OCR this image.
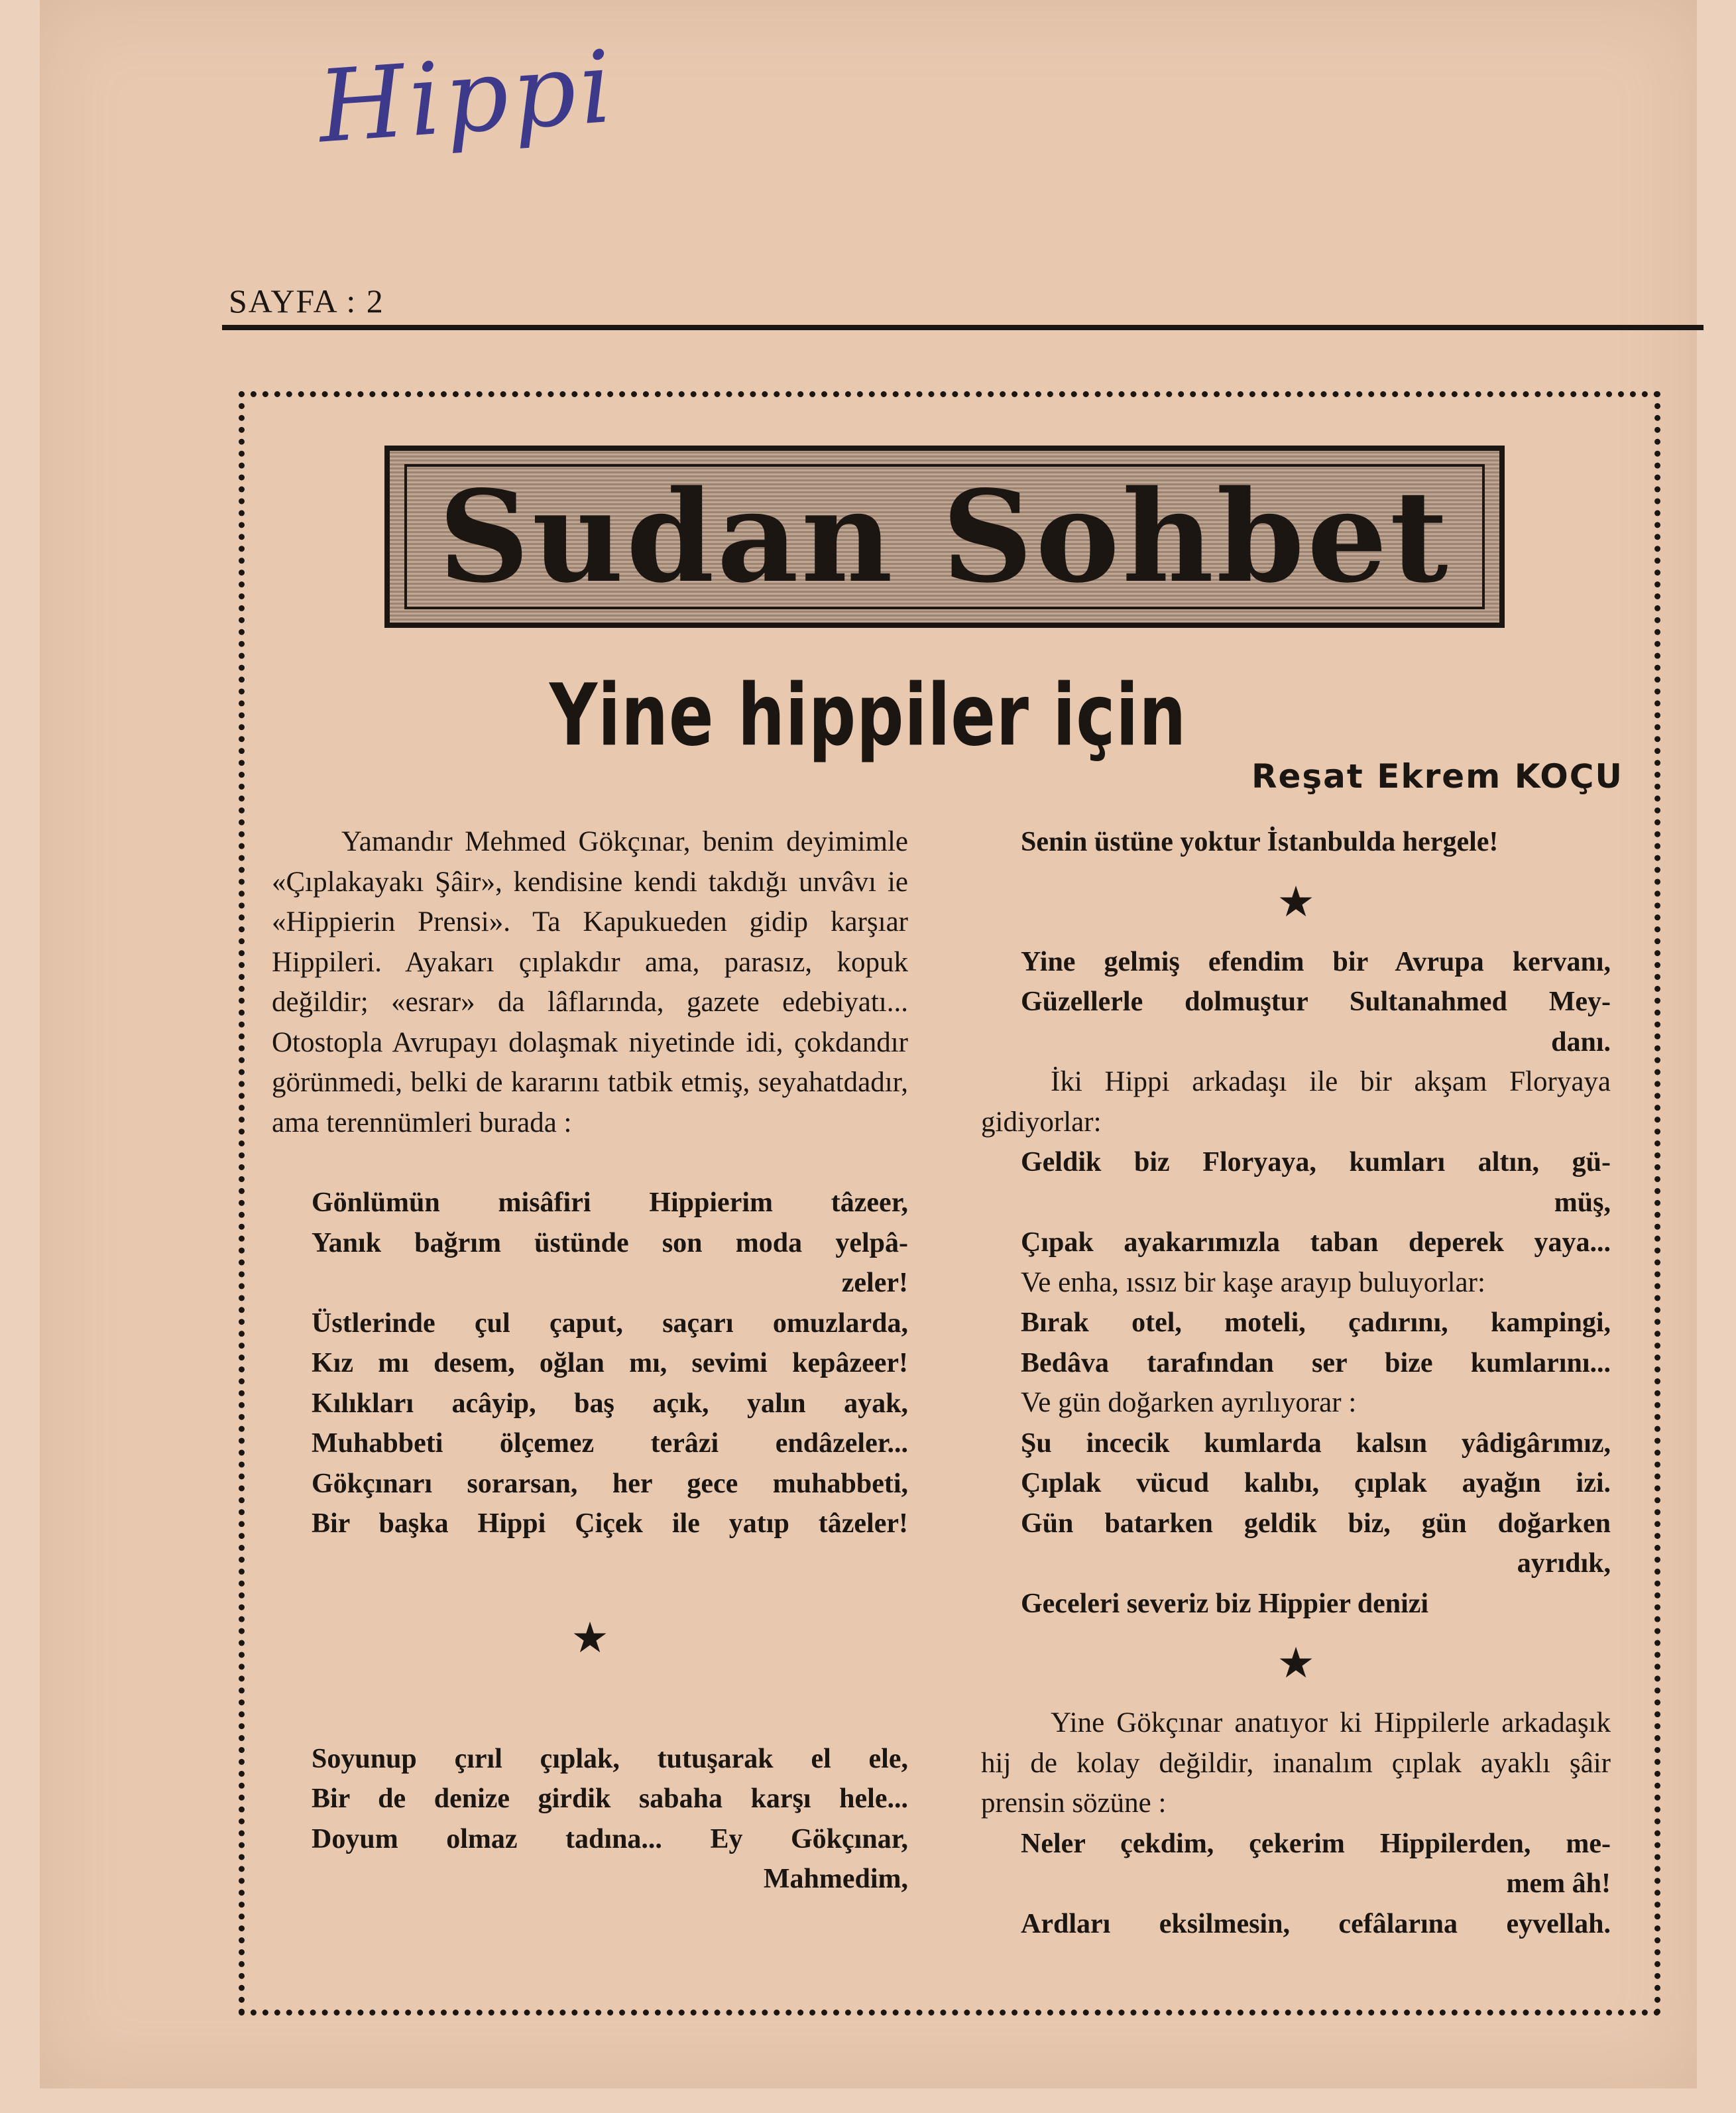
Hippi
SAYFA : 2
Sudan Sohbet
Yine hippiler için
Reşat Ekrem KOÇU

Yamandır Mehmed Gökçınar, benim deyimimle «Çıplakayakı Şâir», kendisine kendi takdığı unvâvı ie «Hippierin Prensi». Ta Kapukueden gidip karşıar Hippileri. Ayakarı çıplakdır ama, parasız, kopuk değildir; «esrar» da lâflarında, gazete edebiyatı... Otostopla Avrupayı dolaşmak niyetinde idi, çokdandır görünmedi, belki de kararını tatbik etmiş, seyahatdadır, ama terennümleri burada :

Gönlümün misâfiri Hippierim tâzeer,
Yanık bağrım üstünde son moda yelpâ-
zeler!
Üstlerinde çul çaput, saçarı omuzlarda,
Kız mı desem, oğlan mı, sevimi kepâzeer!
Kılıkları acâyip, baş açık, yalın ayak,
Muhabbeti ölçemez terâzi endâzeler...
Gökçınarı sorarsan, her gece muhabbeti,
Bir başka Hippi Çiçek ile yatıp tâzeler!
★
Soyunup çırıl çıplak, tutuşarak el ele,
Bir de denize girdik sabaha karşı hele...
Doyum olmaz tadına... Ey Gökçınar,
Mahmedim,
Senin üstüne yoktur İstanbulda hergele!
★
Yine gelmiş efendim bir Avrupa kervanı,
Güzellerle dolmuştur Sultanahmed Mey-
danı.

İki Hippi arkadaşı ile bir akşam Floryaya gidiyorlar:

Geldik biz Floryaya, kumları altın, gü-
müş,
Çıpak ayakarımızla taban deperek yaya...

Ve enha, ıssız bir kaşe arayıp buluyorlar:

Bırak otel, moteli, çadırını, kampingi,
Bedâva tarafından ser bize kumlarını...

Ve gün doğarken ayrılıyorar :

Şu incecik kumlarda kalsın yâdigârımız,
Çıplak vücud kalıbı, çıplak ayağın izi.
Gün batarken geldik biz, gün doğarken
ayrıdık,
Geceleri severiz biz Hippier denizi
★

Yine Gökçınar anatıyor ki Hippilerle arkadaşık hij de kolay değildir, inanalım çıplak ayaklı şâir prensin sözüne :

Neler çekdim, çekerim Hippilerden, me-
mem âh!
Ardları eksilmesin, cefâlarına eyvellah.
